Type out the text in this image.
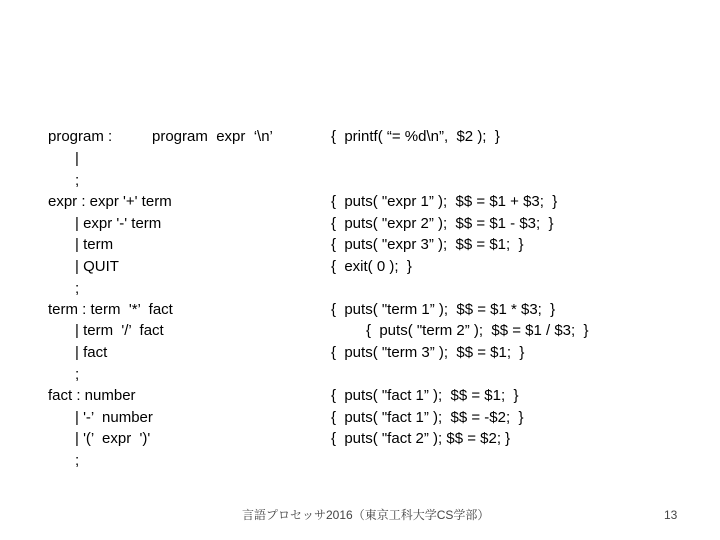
program :	program  expr  ‘\n’
|
;
expr : expr '+' term
| expr '-' term
| term
| QUIT
;
term : term  '*’  fact
| term  '/’  fact
| fact
;
fact : number
| '-’  number
| '(’  expr  ')'
;
{  printf( “= %d\n”,  $2 );  }
{  puts( "expr 1” );  $$ = $1 + $3;  }
{  puts( "expr 2” );  $$ = $1 - $3;  }
{  puts( "expr 3” );  $$ = $1;  }
{  exit( 0 );  }
{  puts( "term 1” );  $$ = $1 * $3;  }
{  puts( "term 2” );  $$ = $1 / $3;  }
{  puts( "term 3” );  $$ = $1;  }
{  puts( "fact 1” );  $$ = $1;  }
{  puts( "fact 1” );  $$ = -$2;  }
{  puts( "fact 2” ); $$ = $2; }
言語プロセッサ2016（東京工科大学CS学部）	13
